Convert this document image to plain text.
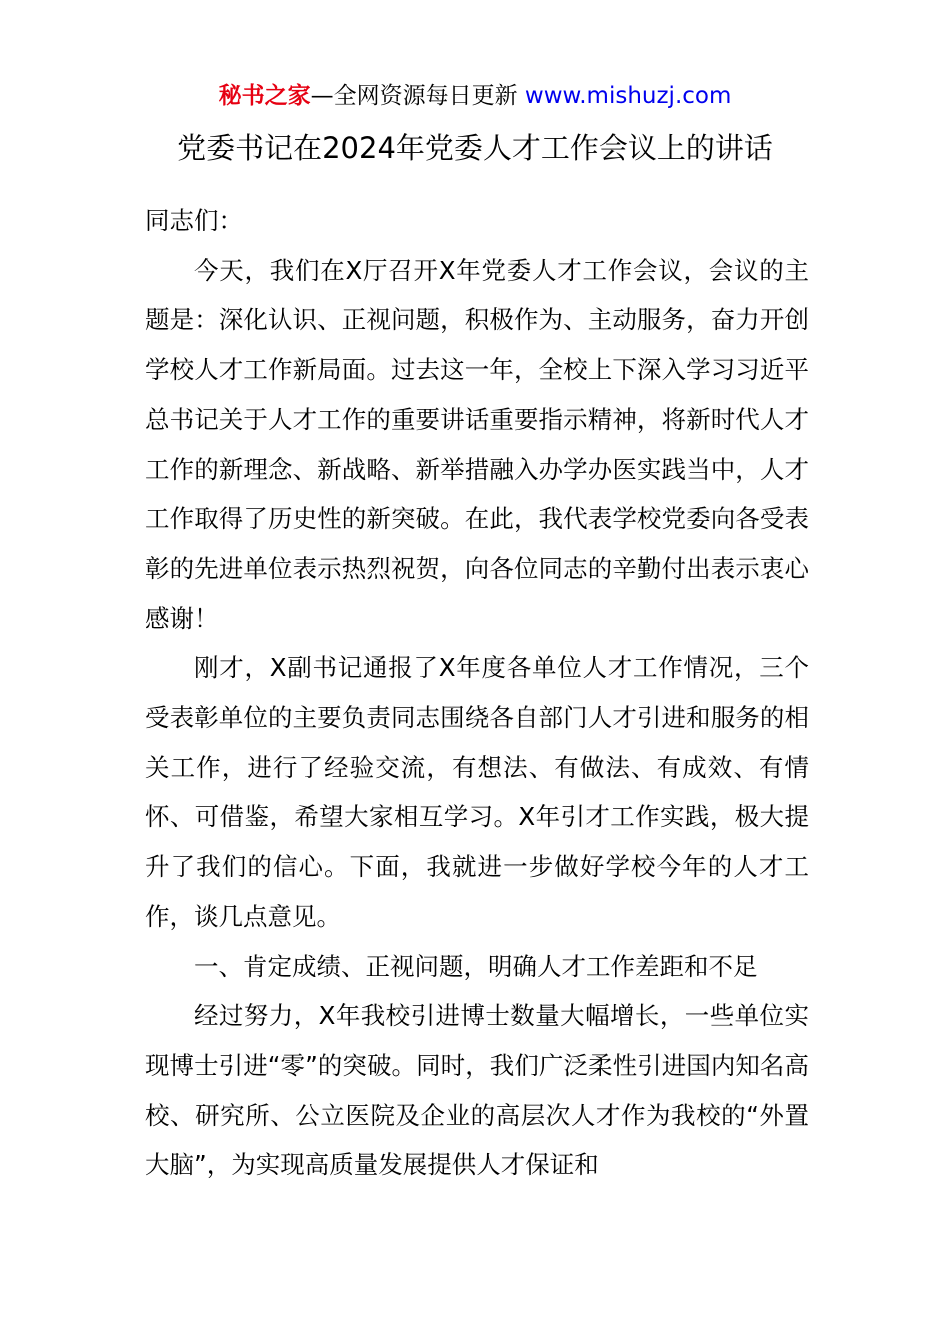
秘书之家—全网资源每日更新 www.mishuzj.com
党委书记在2024年党委人才工作会议上的讲话

同志们：

今天，我们在X厅召开X年党委人才工作会议，会议的主题是：深化认识、正视问题，积极作为、主动服务，奋力开创学校人才工作新局面。过去这一年，全校上下深入学习习近平总书记关于人才工作的重要讲话重要指示精神，将新时代人才工作的新理念、新战略、新举措融入办学办医实践当中，人才工作取得了历史性的新突破。在此，我代表学校党委向各受表彰的先进单位表示热烈祝贺，向各位同志的辛勤付出表示衷心感谢！

刚才，X副书记通报了X年度各单位人才工作情况，三个受表彰单位的主要负责同志围绕各自部门人才引进和服务的相关工作，进行了经验交流，有想法、有做法、有成效、有情怀、可借鉴，希望大家相互学习。X年引才工作实践，极大提升了我们的信心。下面，我就进一步做好学校今年的人才工作，谈几点意见。

一、肯定成绩、正视问题，明确人才工作差距和不足

经过努力，X年我校引进博士数量大幅增长，一些单位实现博士引进“零”的突破。同时，我们广泛柔性引进国内知名高校、研究所、公立医院及企业的高层次人才作为我校的“外置大脑”，为实现高质量发展提供人才保证和
